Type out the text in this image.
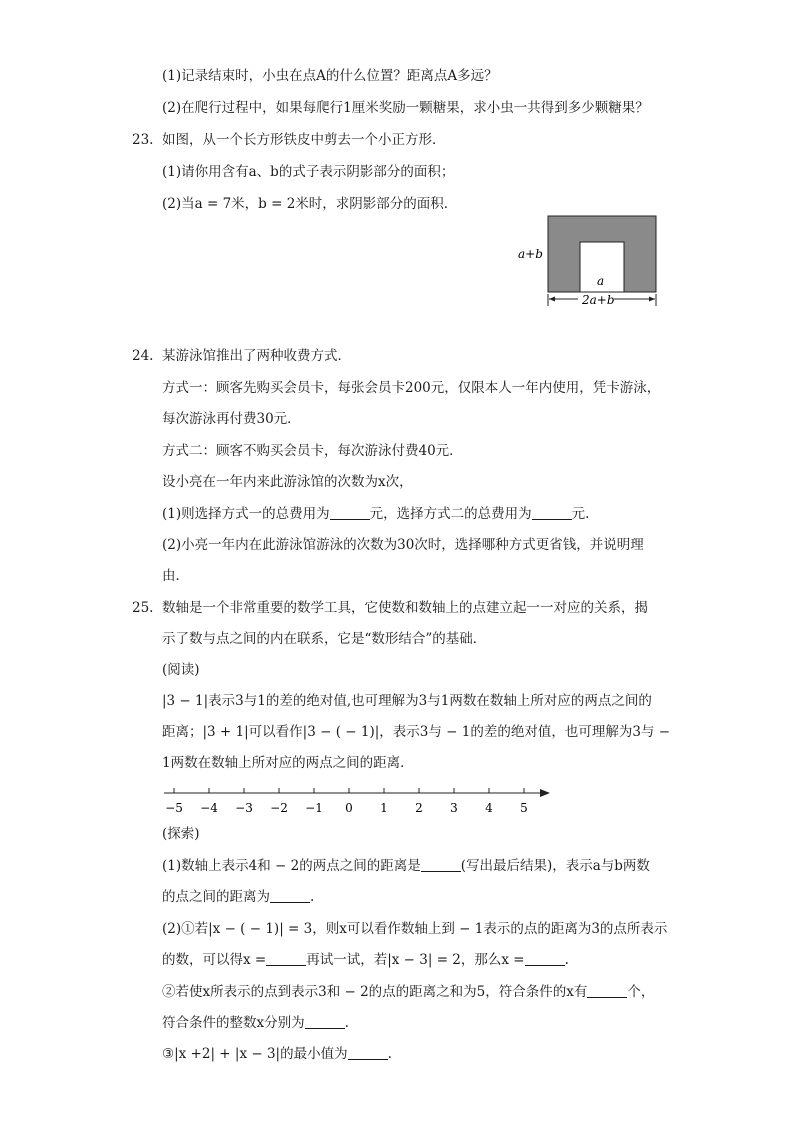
(1)记录结束时，小虫在点A的什么位置？距离点A多远？
(2)在爬行过程中，如果每爬行1厘米奖励一颗糖果，求小虫一共得到多少颗糖果？
23. 如图，从一个长方形铁皮中剪去一个小正方形．
(1)请你用含有a、b的式子表示阴影部分的面积；
(2)当a = 7米，b = 2米时，求阴影部分的面积．
a+b
a
2a+b
24. 某游泳馆推出了两种收费方式．
方式一：顾客先购买会员卡，每张会员卡200元，仅限本人一年内使用，凭卡游泳，
每次游泳再付费30元．
方式二：顾客不购买会员卡，每次游泳付费40元．
设小亮在一年内来此游泳馆的次数为x次，
(1)则选择方式一的总费用为	元，选择方式二的总费用为	元.
(2)小亮一年内在此游泳馆游泳的次数为30次时，选择哪种方式更省钱，并说明理
由．
25. 数轴是一个非常重要的数学工具，它使数和数轴上的点建立起一一对应的关系，揭
示了数与点之间的内在联系，它是“数形结合”的基础．
(阅读)
|3 − 1|表示3与1的差的绝对值,也可理解为3与1两数在数轴上所对应的两点之间的
距离；|3 + 1|可以看作|3 − ( − 1)|，表示3与 − 1的差的绝对值，也可理解为3与 −
1两数在数轴上所对应的两点之间的距离．
−5 −4 −3 −2 −1 0 1 2 3 4 5
(探索)
(1)数轴上表示4和 − 2的两点之间的距离是	(写出最后结果)，表示a与b两数
的点之间的距离为	.
(2)①若|x − ( − 1)| = 3，则x可以看作数轴上到 − 1表示的点的距离为3的点所表示
的数，可以得x =	再试一试，若|x − 3| = 2，那么x =	.
②若使x所表示的点到表示3和 − 2的点的距离之和为5，符合条件的x有	个，
符合条件的整数x分别为	.
③|x +2| + |x − 3|的最小值为	.
